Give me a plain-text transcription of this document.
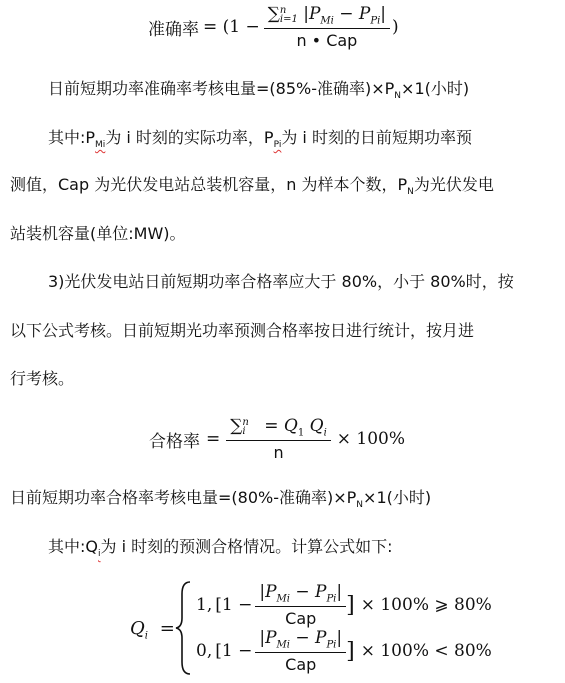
准确率 = (1 − ∑ n
i=1 $|P_{Mi} - P_{Pi}|$
n • Cap )
日前短期功率准确率考核电量=(85%-准确率)$\times P_N\times 1$(小时)
其中$:P_{Mi}$为 i 时刻的实际功率，$P_{Pi}$为 i 时刻的日前短期功率预
测值，Cap 为光伏发电站总装机容量，n 为样本个数，$P_N$为光伏发电
站装机容量(单位:MW)。
3)光伏发电站日前短期功率合格率应大于 80%，小于 80%时，按
以下公式考核。日前短期光功率预测合格率按日进行统计，按月进
行考核。
合格率 = ∑ n
$i = Q_1$ $Q_i$
n × 100%
日前短期功率合格率考核电量=(80%-准确率)$\times P_N\times 1$(小时)
其中$:Q_i$为 i 时刻的预测合格情况。计算公式如下:
$Q_i$ =
1, [$1 - \frac{|P_{Mi} - P_{Pi}|}{\text{Cap}}$ ] × 100% ⩾ 80%
0, [$1 - \frac{|P_{Mi} - P_{Pi}|}{\text{Cap}}$ ] × 100% < 80%
